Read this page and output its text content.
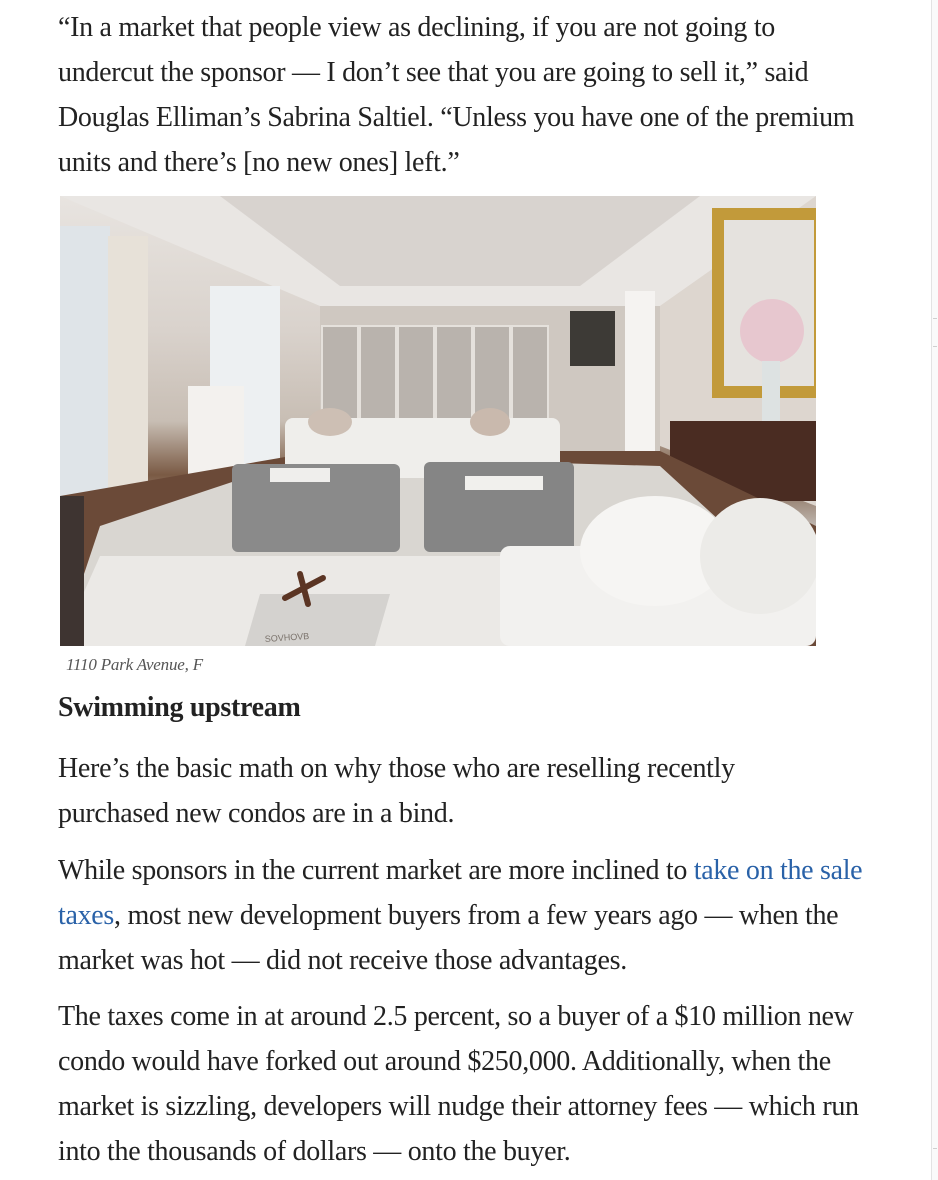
“In a market that people view as declining, if you are not going to undercut the sponsor — I don’t see that you are going to sell it,” said Douglas Elliman’s Sabrina Saltiel. “Unless you have one of the premium units and there’s [no new ones] left.”

SOVHOVB
1110 Park Avenue, F
Swimming upstream

Here’s the basic math on why those who are reselling recently purchased new condos are in a bind.

While sponsors in the current market are more inclined to take on the sale taxes, most new development buyers from a few years ago — when the market was hot — did not receive those advantages.

The taxes come in at around 2.5 percent, so a buyer of a $10 million new condo would have forked out around $250,000. Additionally, when the market is sizzling, developers will nudge their attorney fees — which run into the thousands of dollars — onto the buyer.
